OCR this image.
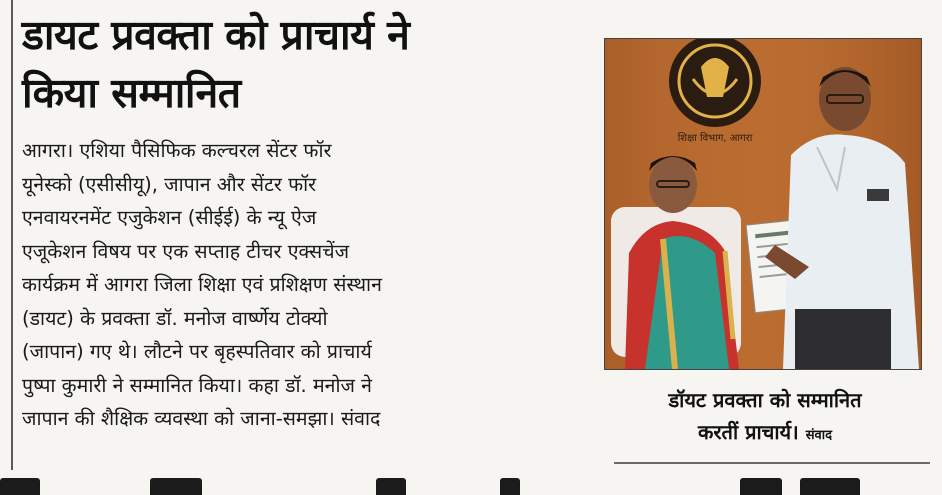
डायट प्रवक्ता को प्राचार्य ने
किया सम्मानित

आगरा। एशिया पैसिफिक कल्चरल सेंटर फॉर

यूनेस्को (एसीसीयू), जापान और सेंटर फॉर

एनवायरनमेंट एजुकेशन (सीईई) के न्यू ऐज

एजूकेशन विषय पर एक सप्ताह टीचर एक्सचेंज

कार्यक्रम में आगरा जिला शिक्षा एवं प्रशिक्षण संस्थान

(डायट) के प्रवक्ता डॉ. मनोज वार्ष्णेय टोक्यो

(जापान) गए थे। लौटने पर बृहस्पतिवार को प्राचार्य

पुष्पा कुमारी ने सम्मानित किया। कहा डॉ. मनोज ने

जापान की शैक्षिक व्यवस्था को जाना-समझा। संवाद

शिक्षा विभाग, आगरा
डॉयट प्रवक्ता को सम्मानित
करतीं प्राचार्य। संवाद
